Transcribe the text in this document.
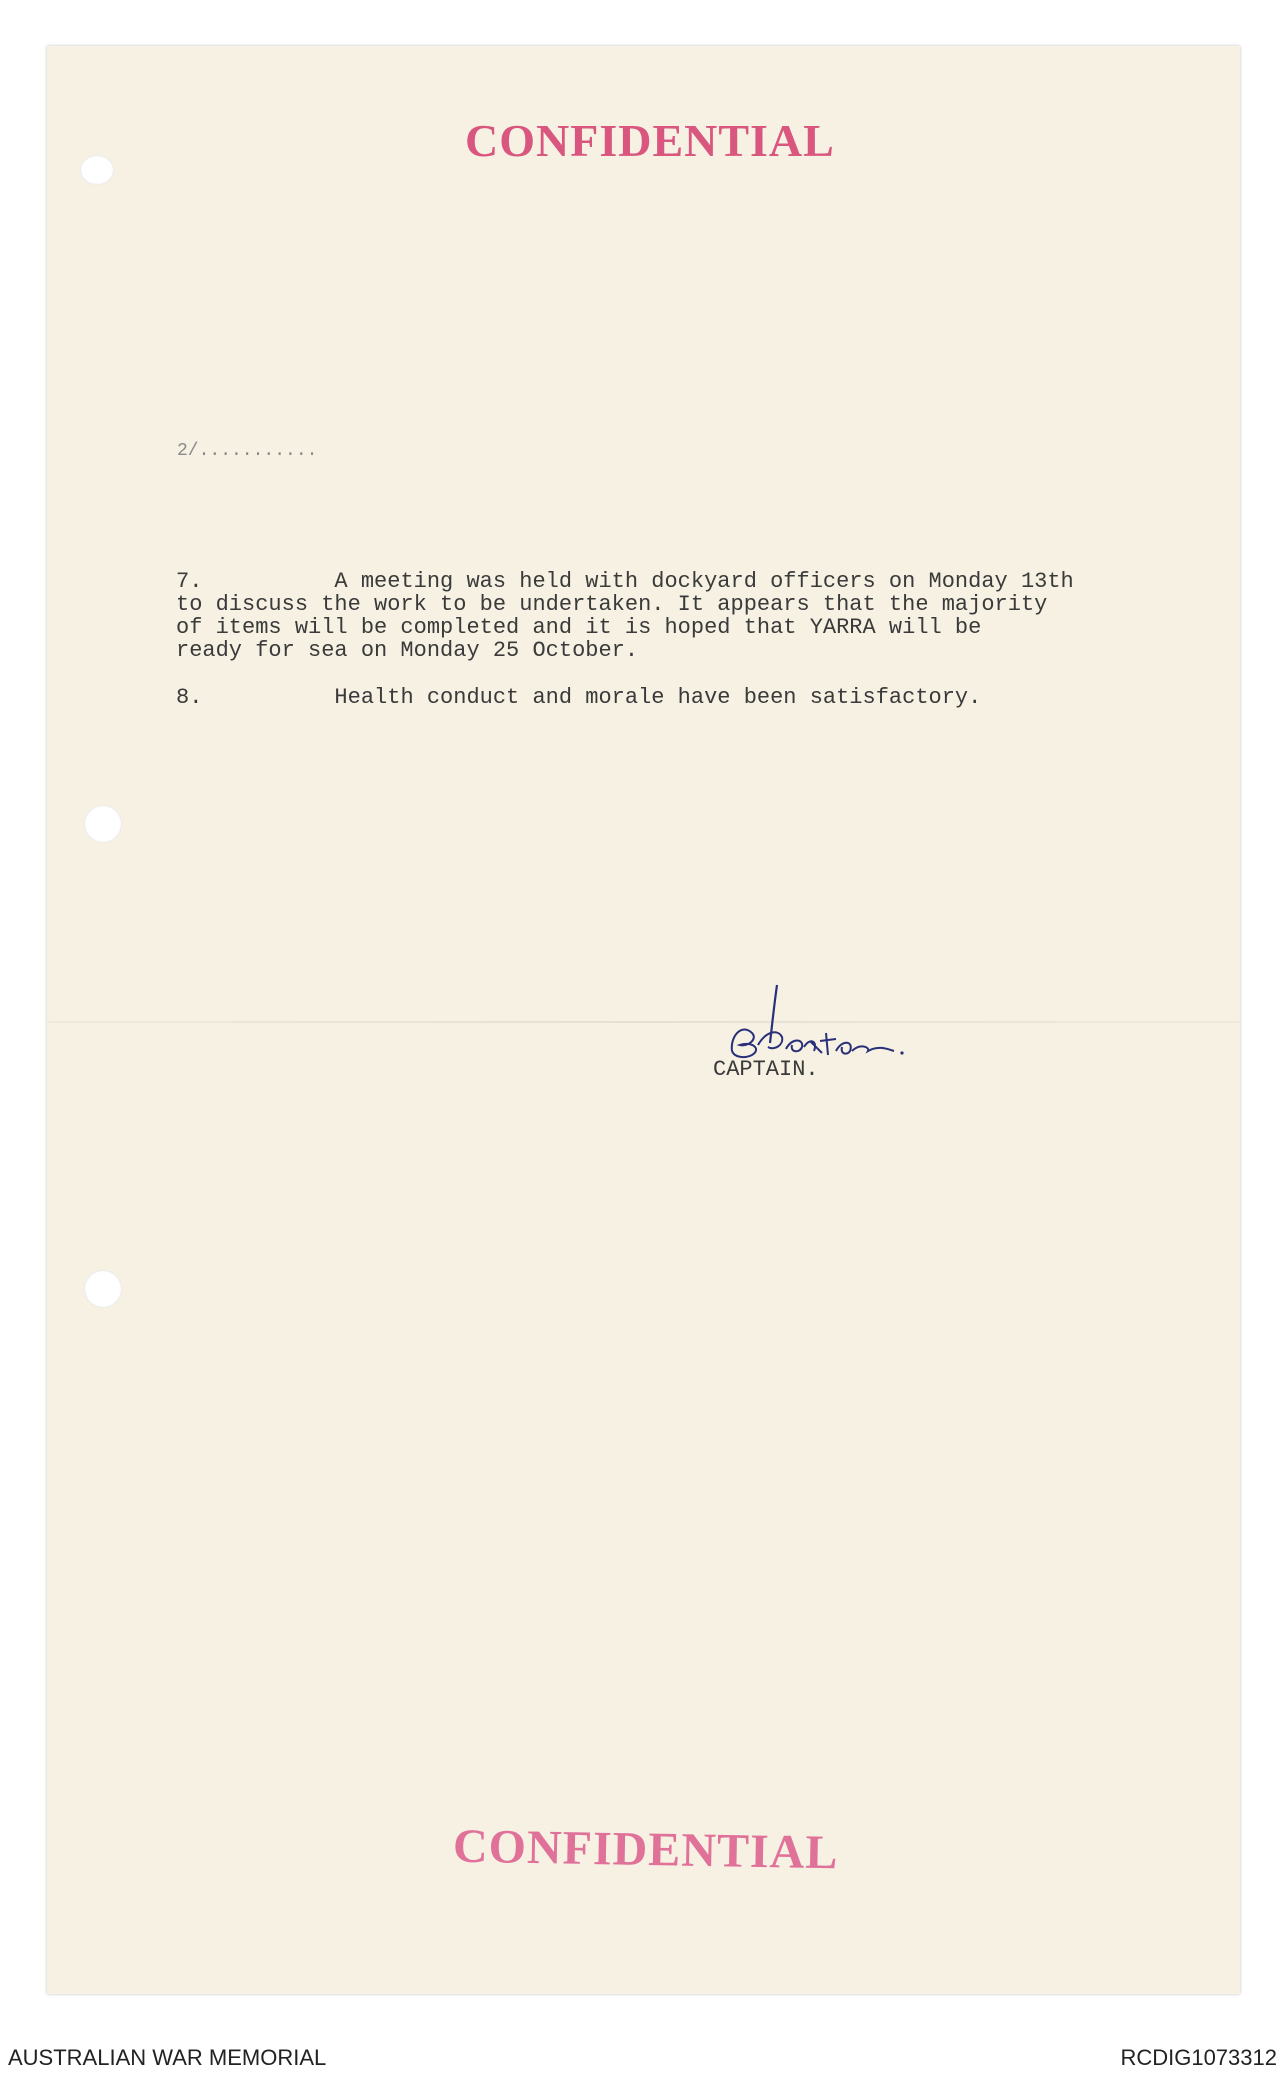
CONFIDENTIAL
2/...........
7.          A meeting was held with dockyard officers on Monday 13th
to discuss the work to be undertaken. It appears that the majority
of items will be completed and it is hoped that YARRA will be
ready for sea on Monday 25 October.
8.          Health conduct and morale have been satisfactory.
CAPTAIN.
CONFIDENTIAL
AUSTRALIAN WAR MEMORIAL	RCDIG1073312
